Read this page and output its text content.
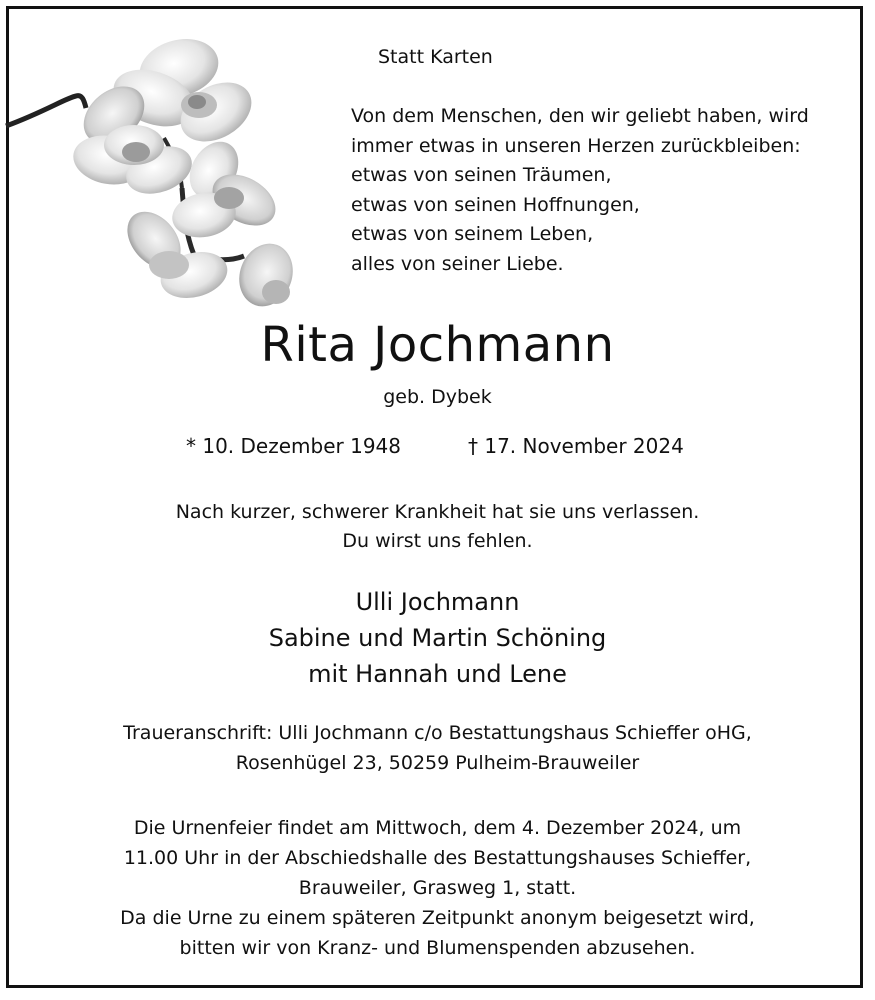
Statt Karten
Von dem Menschen, den wir geliebt haben, wird
immer etwas in unseren Herzen zurückbleiben:
etwas von seinen Träumen,
etwas von seinen Hoffnungen,
etwas von seinem Leben,
alles von seiner Liebe.
Rita Jochmann
geb. Dybek
* 10. Dezember 1948	† 17. November 2024
Nach kurzer, schwerer Krankheit hat sie uns verlassen.
Du wirst uns fehlen.
Ulli Jochmann
Sabine und Martin Schöning
mit Hannah und Lene
Traueranschrift: Ulli Jochmann c/o Bestattungshaus Schieffer oHG,
Rosenhügel 23, 50259 Pulheim-Brauweiler
Die Urnenfeier findet am Mittwoch, dem 4. Dezember 2024, um
11.00 Uhr in der Abschiedshalle des Bestattungshauses Schieffer,
Brauweiler, Grasweg 1, statt.
Da die Urne zu einem späteren Zeitpunkt anonym beigesetzt wird,
bitten wir von Kranz- und Blumenspenden abzusehen.
